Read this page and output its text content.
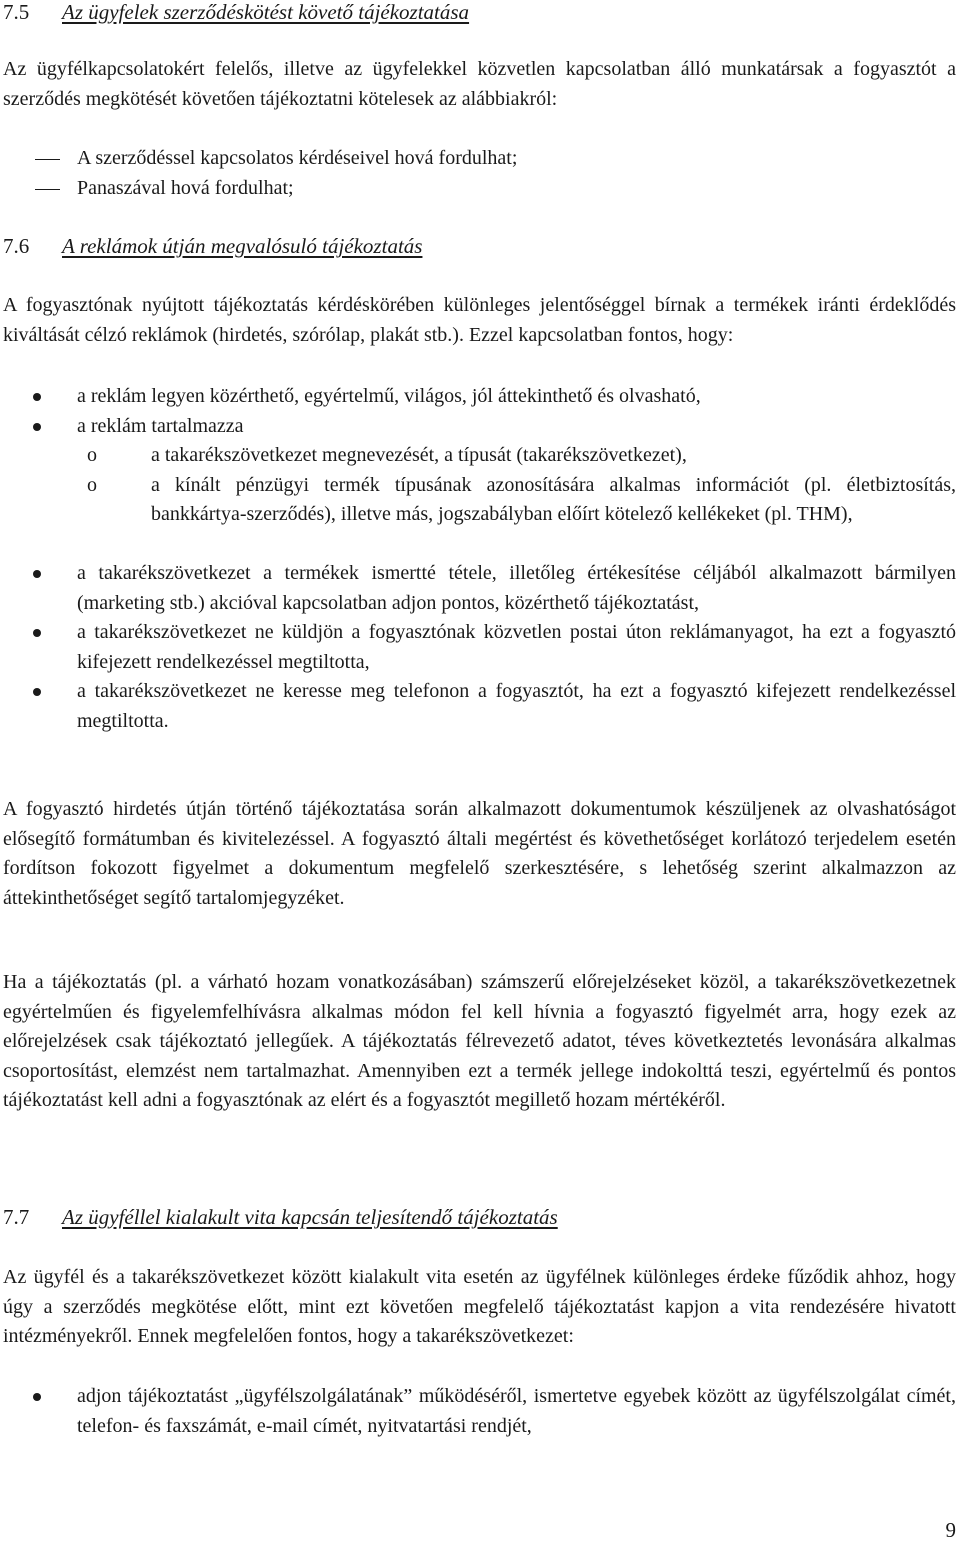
7.5 Az ügyfelek szerződéskötést követő tájékoztatása
Az ügyfélkapcsolatokért felelős, illetve az ügyfelekkel közvetlen kapcsolatban álló munkatársak a fogyasztót a szerződés megkötését követően tájékoztatni kötelesek az alábbiakról:
A szerződéssel kapcsolatos kérdéseivel hová fordulhat;
Panaszával hová fordulhat;
7.6 A reklámok útján megvalósuló tájékoztatás
A fogyasztónak nyújtott tájékoztatás kérdéskörében különleges jelentőséggel bírnak a termékek iránti érdeklődés kiváltását célzó reklámok (hirdetés, szórólap, plakát stb.). Ezzel kapcsolatban fontos, hogy:
a reklám legyen közérthető, egyértelmű, világos, jól áttekinthető és olvasható,
a reklám tartalmazza
o	a takarékszövetkezet megnevezését, a típusát (takarékszövetkezet),
o	a kínált pénzügyi termék típusának azonosítására alkalmas információt (pl. életbiztosítás, bankkártya-szerződés), illetve más, jogszabályban előírt kötelező kellékeket (pl. THM),
a takarékszövetkezet a termékek ismertté tétele, illetőleg értékesítése céljából alkalmazott bármilyen (marketing stb.) akcióval kapcsolatban adjon pontos, közérthető tájékoztatást,
a takarékszövetkezet ne küldjön a fogyasztónak közvetlen postai úton reklámanyagot, ha ezt a fogyasztó kifejezett rendelkezéssel megtiltotta,
a takarékszövetkezet ne keresse meg telefonon a fogyasztót, ha ezt a fogyasztó kifejezett rendelkezéssel megtiltotta.
A fogyasztó hirdetés útján történő tájékoztatása során alkalmazott dokumentumok készüljenek az olvashatóságot elősegítő formátumban és kivitelezéssel. A fogyasztó általi megértést és követhetőséget korlátozó terjedelem esetén fordítson fokozott figyelmet a dokumentum megfelelő szerkesztésére, s lehetőség szerint alkalmazzon az áttekinthetőséget segítő tartalomjegyzéket.
Ha a tájékoztatás (pl. a várható hozam vonatkozásában) számszerű előrejelzéseket közöl, a takarékszövetkezetnek egyértelműen és figyelemfelhívásra alkalmas módon fel kell hívnia a fogyasztó figyelmét arra, hogy ezek az előrejelzések csak tájékoztató jellegűek. A tájékoztatás félrevezető adatot, téves következtetés levonására alkalmas csoportosítást, elemzést nem tartalmazhat. Amennyiben ezt a termék jellege indokolttá teszi, egyértelmű és pontos tájékoztatást kell adni a fogyasztónak az elért és a fogyasztót megillető hozam mértékéről.
7.7 Az ügyféllel kialakult vita kapcsán teljesítendő tájékoztatás
Az ügyfél és a takarékszövetkezet között kialakult vita esetén az ügyfélnek különleges érdeke fűződik ahhoz, hogy úgy a szerződés megkötése előtt, mint ezt követően megfelelő tájékoztatást kapjon a vita rendezésére hivatott intézményekről. Ennek megfelelően fontos, hogy a takarékszövetkezet:
adjon tájékoztatást „ügyfélszolgálatának” működéséről, ismertetve egyebek között az ügyfélszolgálat címét, telefon- és faxszámát, e-mail címét, nyitvatartási rendjét,
9
